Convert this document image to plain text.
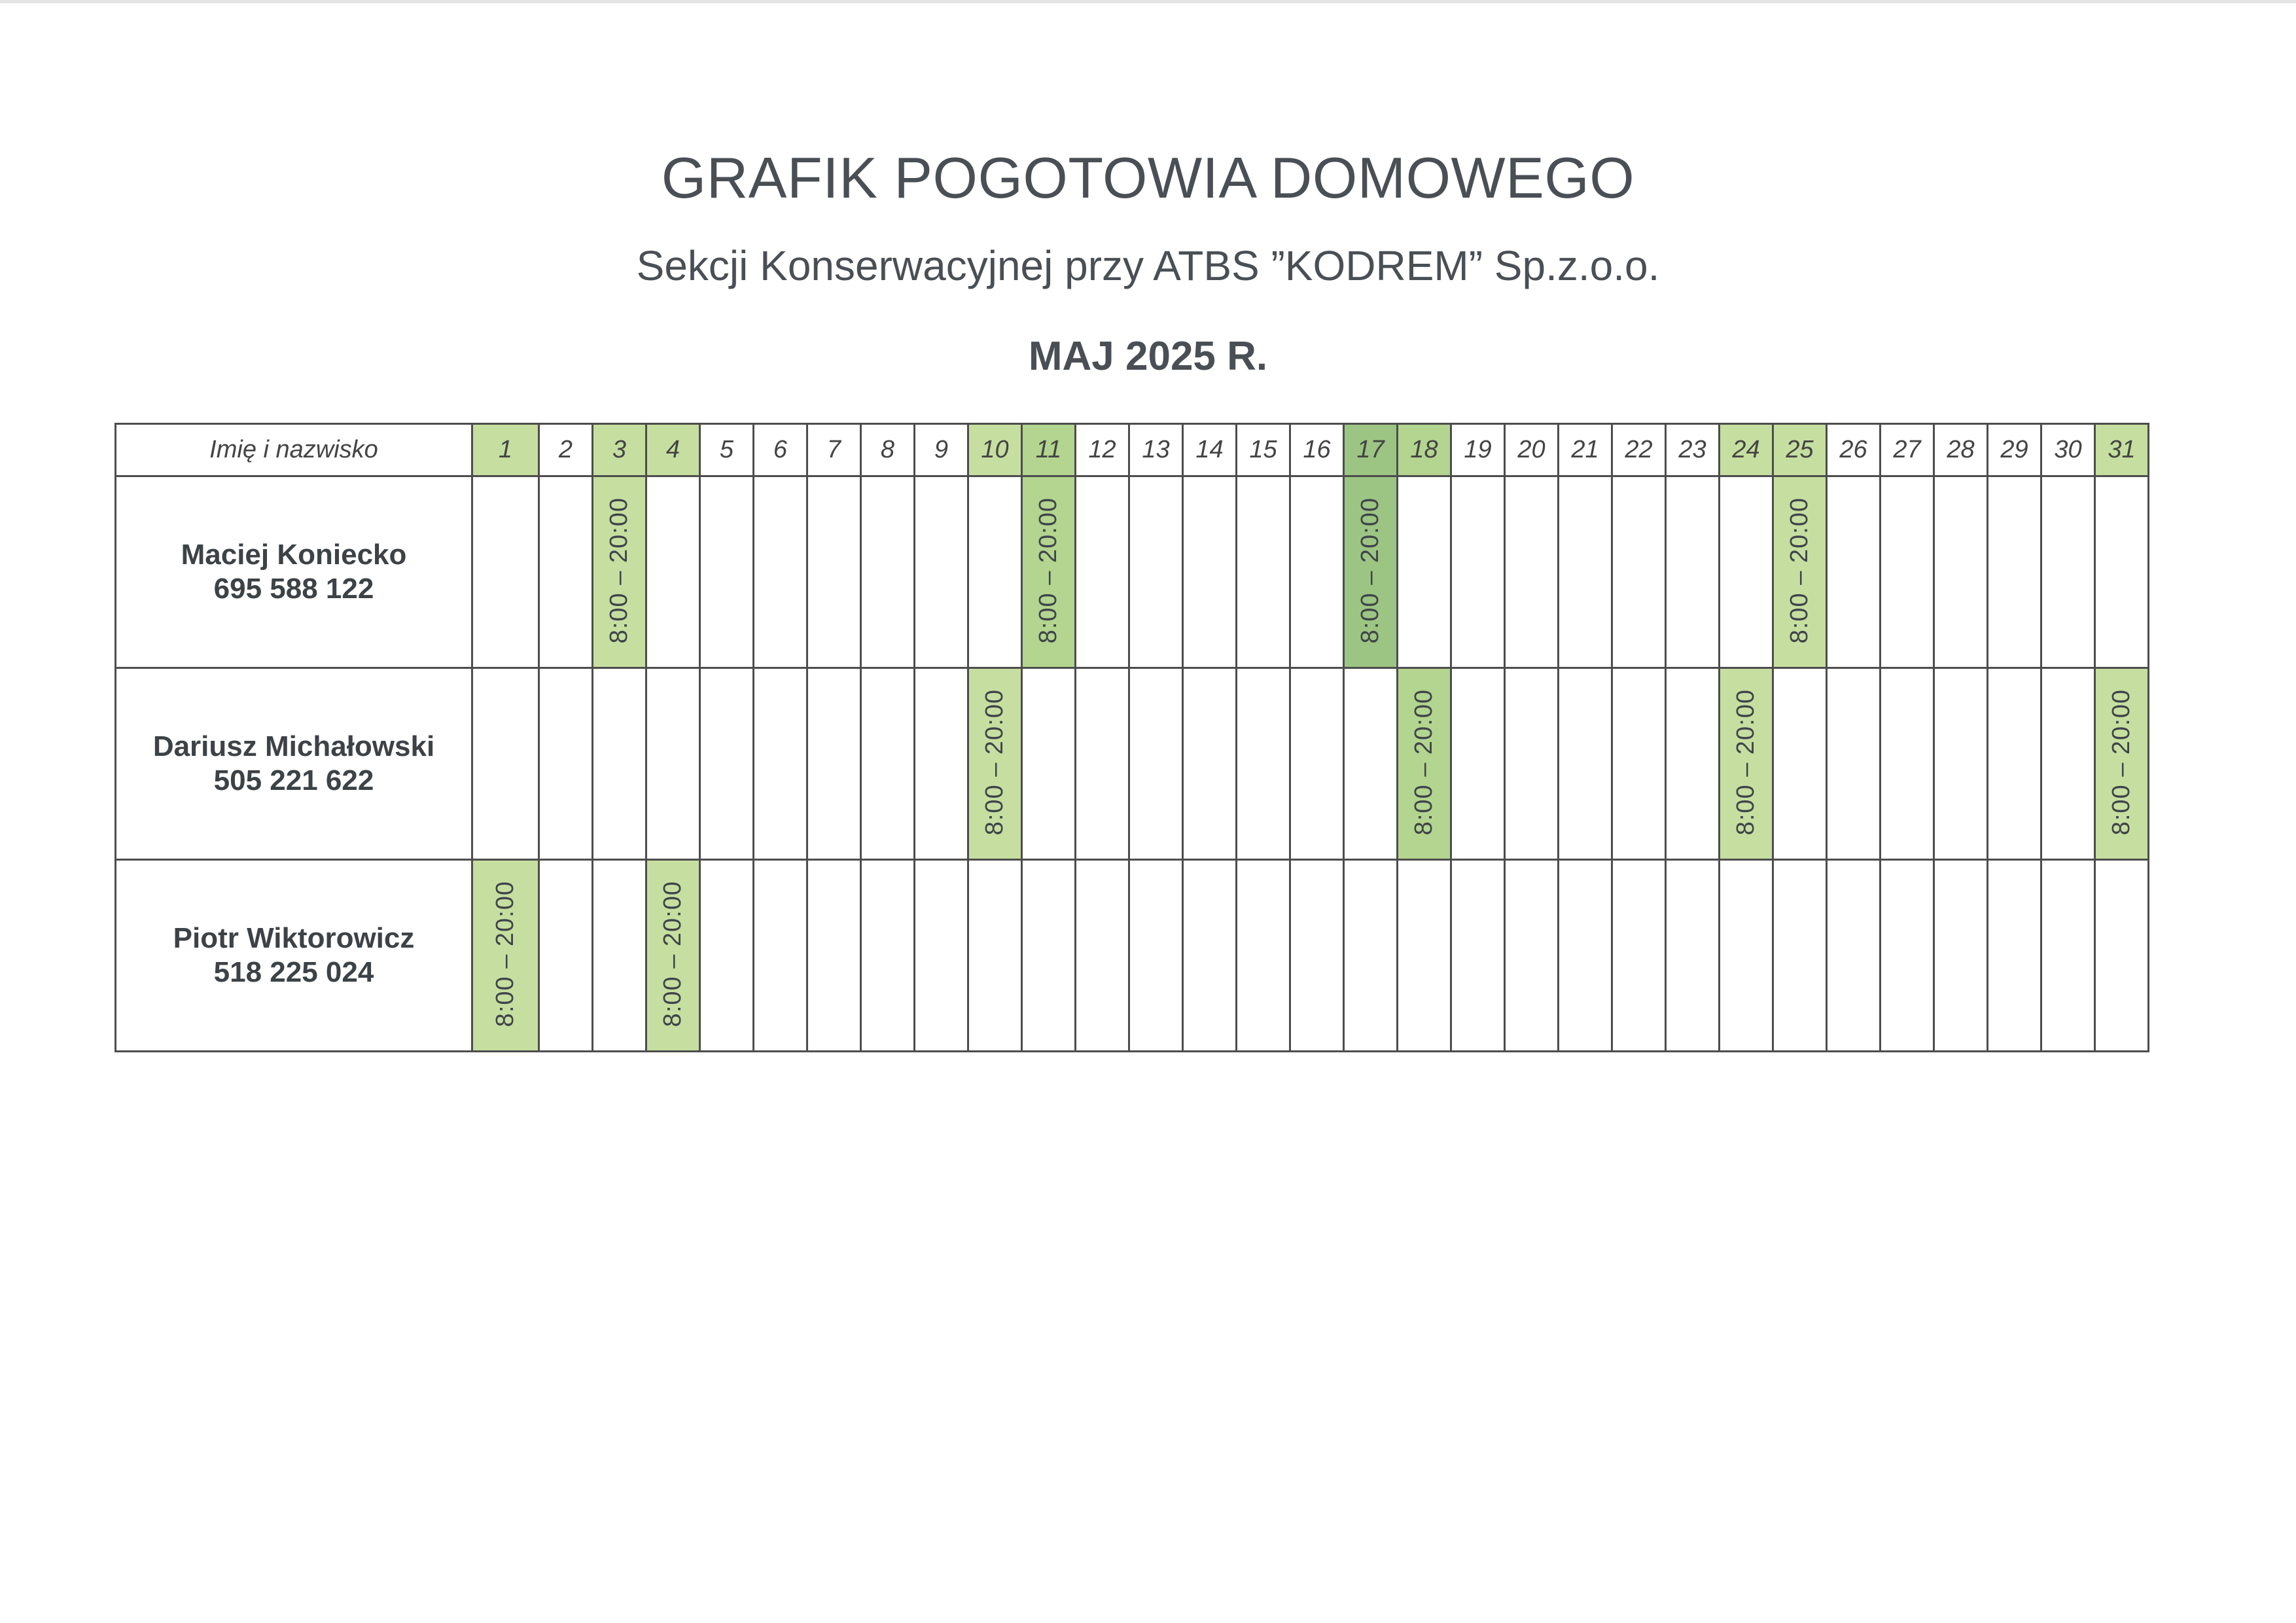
GRAFIK POGOTOWIA DOMOWEGO
Sekcji Konserwacyjnej przy ATBS ”KODREM” Sp.z.o.o.
MAJ 2025 R.
Imię i nazwisko	1	2	3	4	5	6	7	8	9	10	11	12	13	14	15	16	17	18	19	20	21	22	23	24	25	26	27	28	29	30	31

Maciej Koniecko
695 588 122			8:00 – 20:00								8:00 – 20:00						8:00 – 20:00								8:00 – 20:00						

Dariusz Michałowski
505 221 622										8:00 – 20:00								8:00 – 20:00						8:00 – 20:00							8:00 – 20:00

Piotr Wiktorowicz
518 225 024	8:00 – 20:00			8:00 – 20:00																											
